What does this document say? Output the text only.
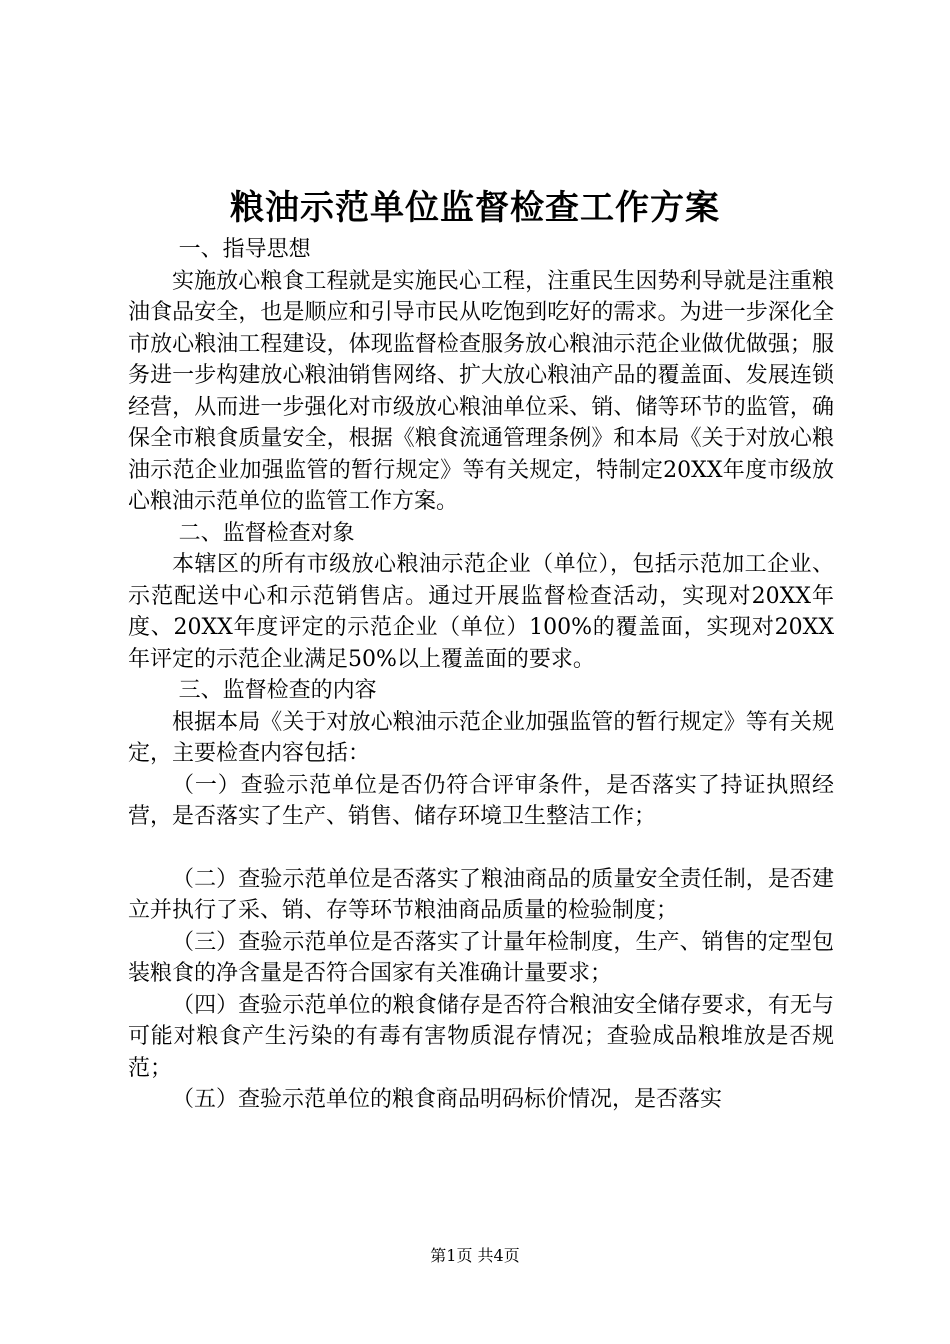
粮油示范单位监督检查工作方案

一、指导思想

实施放心粮食工程就是实施民心工程，注重民生因势利导就是注重粮油食品安全，也是顺应和引导市民从吃饱到吃好的需求。为进一步深化全市放心粮油工程建设，体现监督检查服务放心粮油示范企业做优做强；服务进一步构建放心粮油销售网络、扩大放心粮油产品的覆盖面、发展连锁经营，从而进一步强化对市级放心粮油单位采、销、储等环节的监管，确保全市粮食质量安全，根据《粮食流通管理条例》和本局《关于对放心粮油示范企业加强监管的暂行规定》等有关规定，特制定20XX年度市级放心粮油示范单位的监管工作方案。

二、监督检查对象

本辖区的所有市级放心粮油示范企业（单位），包括示范加工企业、示范配送中心和示范销售店。通过开展监督检查活动，实现对20XX年度、20XX年度评定的示范企业（单位）100%的覆盖面，实现对20XX年评定的示范企业满足50%以上覆盖面的要求。

三、监督检查的内容

根据本局《关于对放心粮油示范企业加强监管的暂行规定》等有关规定，主要检查内容包括：

（一）查验示范单位是否仍符合评审条件，是否落实了持证执照经营，是否落实了生产、销售、储存环境卫生整洁工作；

（二）查验示范单位是否落实了粮油商品的质量安全责任制，是否建立并执行了采、销、存等环节粮油商品质量的检验制度；

（三）查验示范单位是否落实了计量年检制度，生产、销售的定型包装粮食的净含量是否符合国家有关准确计量要求；

（四）查验示范单位的粮食储存是否符合粮油安全储存要求，有无与可能对粮食产生污染的有毒有害物质混存情况；查验成品粮堆放是否规范；

（五）查验示范单位的粮食商品明码标价情况，是否落实

第1页 共4页
